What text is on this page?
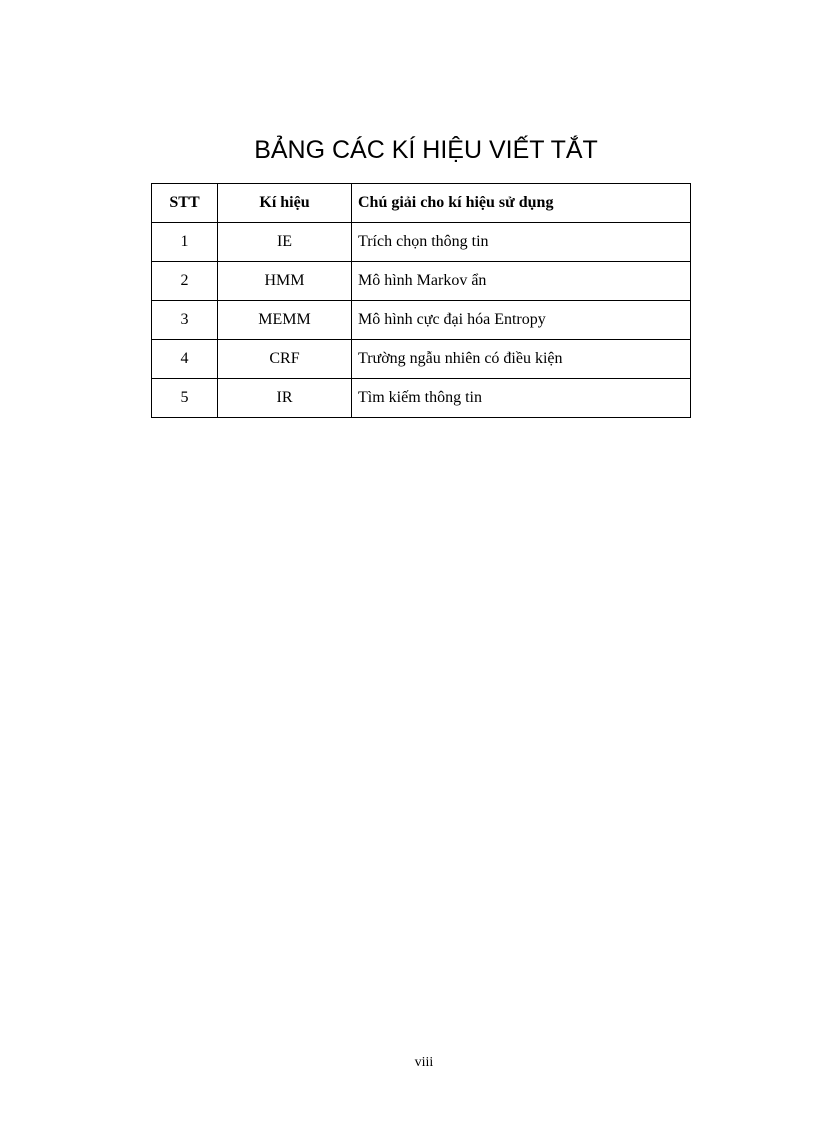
BẢNG CÁC KÍ HIỆU VIẾT TẮT
STT	Kí hiệu	Chú giải cho kí hiệu sử dụng
1	IE	Trích chọn thông tin
2	HMM	Mô hình Markov ẩn
3	MEMM	Mô hình cực đại hóa Entropy
4	CRF	Trường ngẫu nhiên có điều kiện
5	IR	Tìm kiếm thông tin
viii
